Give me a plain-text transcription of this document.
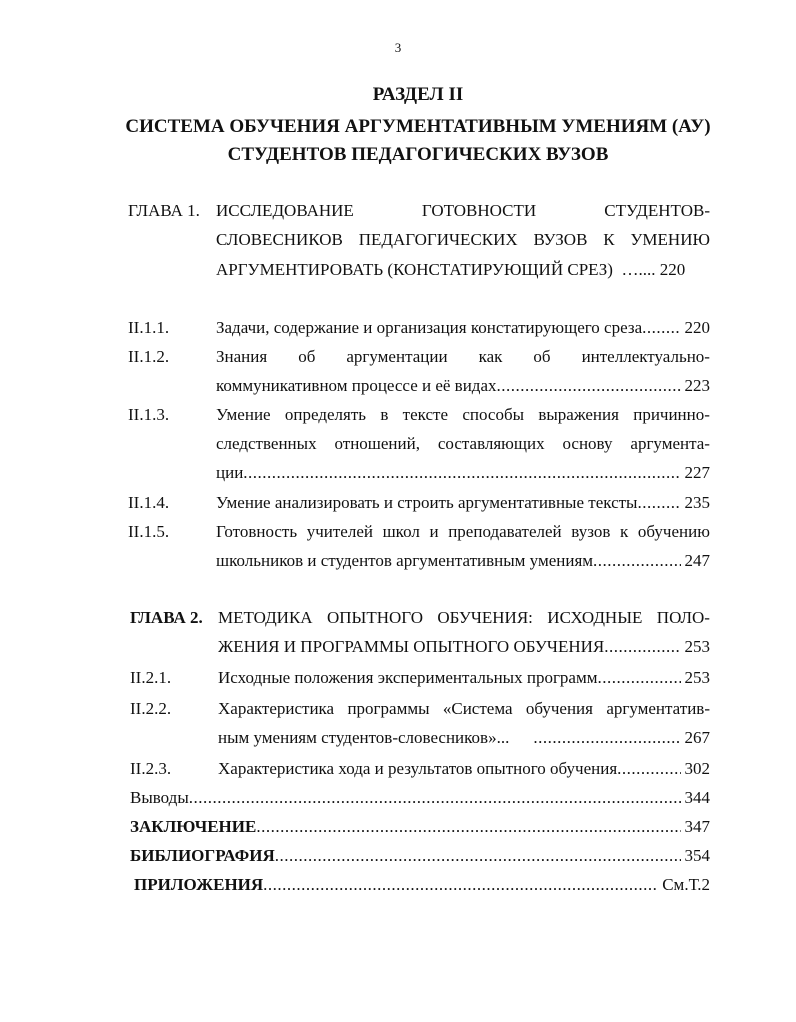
3
РАЗДЕЛ II
СИСТЕМА ОБУЧЕНИЯ АРГУМЕНТАТИВНЫМ УМЕНИЯМ (АУ)
СТУДЕНТОВ ПЕДАГОГИЧЕСКИХ ВУЗОВ
ГЛАВА 1. ИССЛЕДОВАНИЕ	ГОТОВНОСТИ	СТУДЕНТОВ-
СЛОВЕСНИКОВ ПЕДАГОГИЧЕСКИХ ВУЗОВ К УМЕНИЮ
АРГУМЕНТИРОВАТЬ (КОНСТАТИРУЮЩИЙ СРЕЗ) ….... 220
II.1.1.	Задачи, содержание и организация констатирующего среза ..... 220
II.1.2.	Знания об аргументации как об интеллектуально-
коммуникативном процессе и её видах .....	223
II.1.3.	Умение определять в тексте способы выражения причинно-
следственных отношений, составляющих основу аргумента-
ции .....	227
II.1.4.	Умение анализировать и строить аргументативные тексты .....	235
II.1.5.	Готовность учителей школ и преподавателей вузов к обучению
школьников и студентов аргументативным умениям .....	247
ГЛАВА 2. МЕТОДИКА ОПЫТНОГО ОБУЧЕНИЯ: ИСХОДНЫЕ ПОЛО-
ЖЕНИЯ И ПРОГРАММЫ ОПЫТНОГО ОБУЧЕНИЯ .....	253
II.2.1.	Исходные положения экспериментальных программ .....	253
II.2.2.	Характеристика программы «Система обучения аргументатив-
ным умениям студентов-словесников»... .....	267
II.2.3.	Характеристика хода и результатов опытного обучения .....	302
Выводы .....	344
ЗАКЛЮЧЕНИЕ .....	347
БИБЛИОГРАФИЯ .....	354
ПРИЛОЖЕНИЯ .....	См.Т.2
